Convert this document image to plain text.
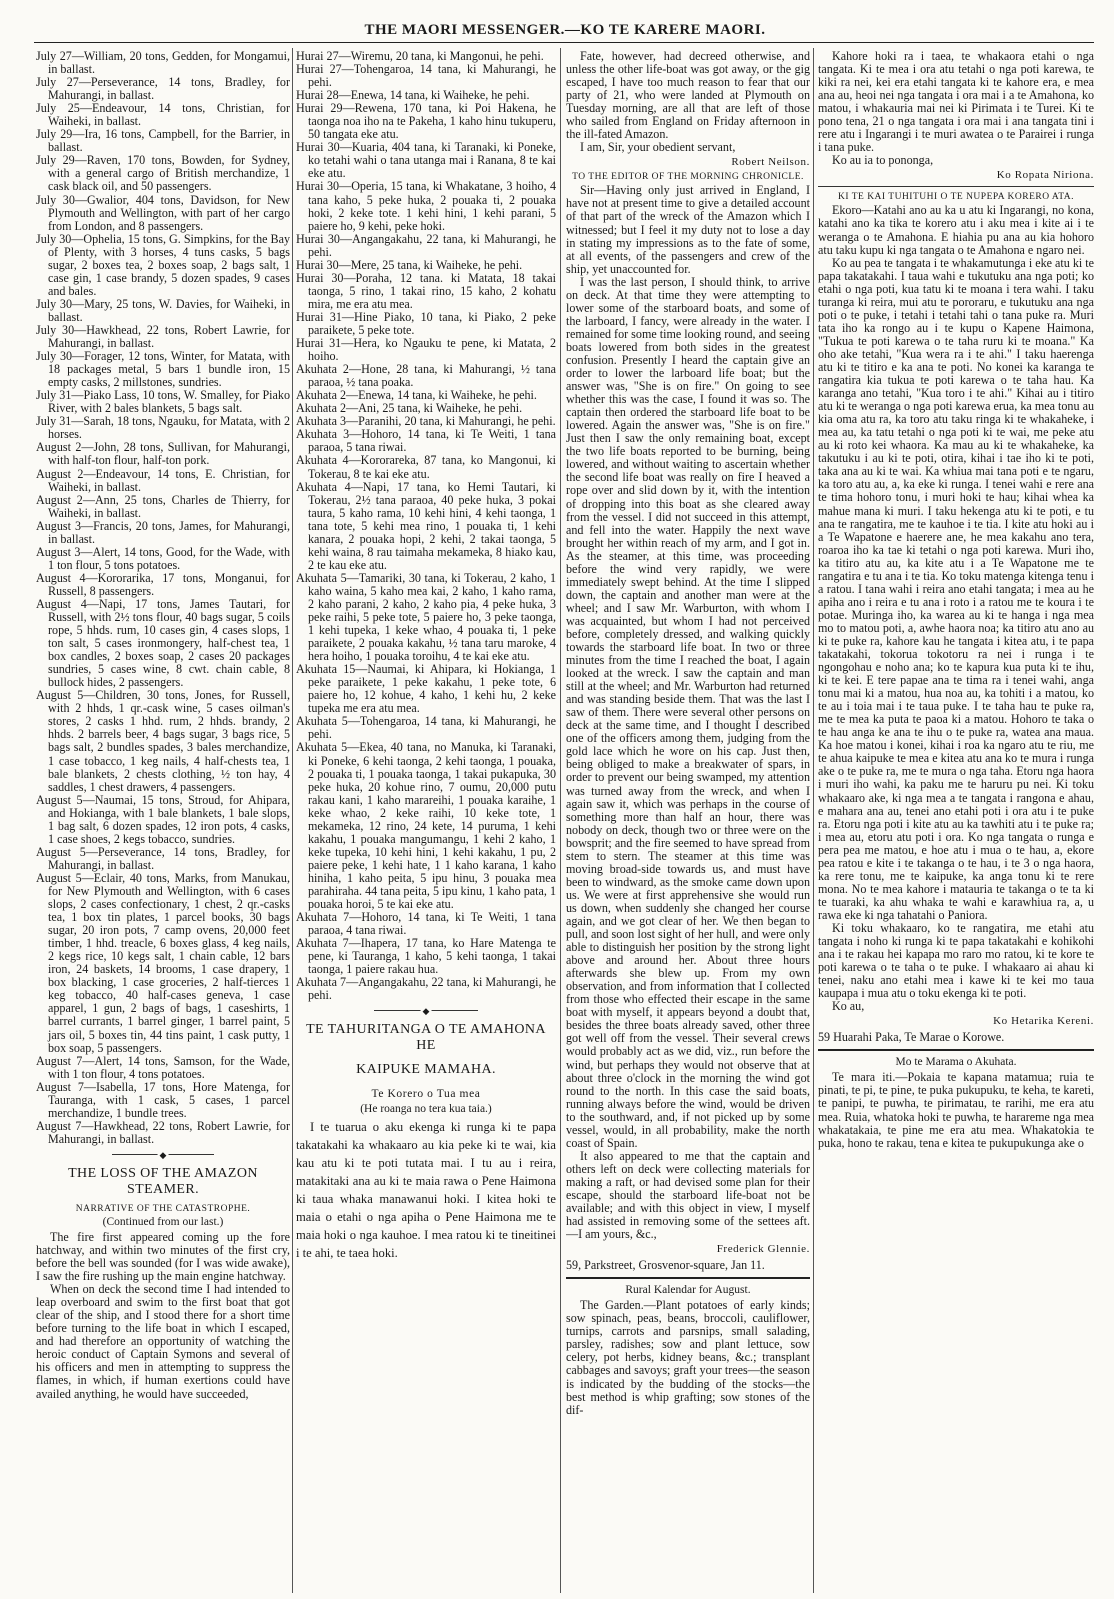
THE MAORI MESSENGER.—KO TE KARERE MAORI.

July 27—William, 20 tons, Gedden, for Mongamui, in ballast.

July 27—Perseverance, 14 tons, Bradley, for Mahurangi, in ballast.

July 25—Endeavour, 14 tons, Christian, for Waiheki, in ballast.

July 29—Ira, 16 tons, Campbell, for the Barrier, in ballast.

July 29—Raven, 170 tons, Bowden, for Sydney, with a general cargo of British merchandize, 1 cask black oil, and 50 passengers.

July 30—Gwalior, 404 tons, Davidson, for New Plymouth and Wellington, with part of her cargo from London, and 8 passengers.

July 30—Ophelia, 15 tons, G. Simpkins, for the Bay of Plenty, with 3 horses, 4 tuns casks, 5 bags sugar, 2 boxes tea, 2 boxes soap, 2 bags salt, 1 case gin, 1 case brandy, 5 dozen spades, 9 cases and bales.

July 30—Mary, 25 tons, W. Davies, for Waiheki, in ballast.

July 30—Hawkhead, 22 tons, Robert Lawrie, for Mahurangi, in ballast.

July 30—Forager, 12 tons, Winter, for Matata, with 18 packages metal, 5 bars 1 bundle iron, 15 empty casks, 2 millstones, sundries.

July 31—Piako Lass, 10 tons, W. Smalley, for Piako River, with 2 bales blankets, 5 bags salt.

July 31—Sarah, 18 tons, Ngauku, for Matata, with 2 horses.

August 2—John, 28 tons, Sullivan, for Mahurangi, with half-ton flour, half-ton pork.

August 2—Endeavour, 14 tons, E. Christian, for Waiheki, in ballast.

August 2—Ann, 25 tons, Charles de Thierry, for Waiheki, in ballast.

August 3—Francis, 20 tons, James, for Mahurangi, in ballast.

August 3—Alert, 14 tons, Good, for the Wade, with 1 ton flour, 5 tons potatoes.

August 4—Kororarika, 17 tons, Monganui, for Russell, 8 passengers.

August 4—Napi, 17 tons, James Tautari, for Russell, with 2½ tons flour, 40 bags sugar, 5 coils rope, 5 hhds. rum, 10 cases gin, 4 cases slops, 1 ton salt, 5 cases ironmongery, half-chest tea, 1 box candles, 2 boxes soap, 2 cases 20 packages sundries, 5 cases wine, 8 cwt. chain cable, 8 bullock hides, 2 passengers.

August 5—Children, 30 tons, Jones, for Russell, with 2 hhds, 1 qr.-cask wine, 5 cases oilman's stores, 2 casks 1 hhd. rum, 2 hhds. brandy, 2 hhds. 2 barrels beer, 4 bags sugar, 3 bags rice, 5 bags salt, 2 bundles spades, 3 bales merchandize, 1 case tobacco, 1 keg nails, 4 half-chests tea, 1 bale blankets, 2 chests clothing, ½ ton hay, 4 saddles, 1 chest drawers, 4 passengers.

August 5—Naumai, 15 tons, Stroud, for Ahipara, and Hokianga, with 1 bale blankets, 1 bale slops, 1 bag salt, 6 dozen spades, 12 iron pots, 4 casks, 1 case shoes, 2 kegs tobacco, sundries.

August 5—Perseverance, 14 tons, Bradley, for Mahurangi, in ballast.

August 5—Eclair, 40 tons, Marks, from Manukau, for New Plymouth and Wellington, with 6 cases slops, 2 cases confectionary, 1 chest, 2 qr.-casks tea, 1 box tin plates, 1 parcel books, 30 bags sugar, 20 iron pots, 7 camp ovens, 20,000 feet timber, 1 hhd. treacle, 6 boxes glass, 4 keg nails, 2 kegs rice, 10 kegs salt, 1 chain cable, 12 bars iron, 24 baskets, 14 brooms, 1 case drapery, 1 box blacking, 1 case groceries, 2 half-tierces 1 keg tobacco, 40 half-cases geneva, 1 case apparel, 1 gun, 2 bags of bags, 1 caseshirts, 1 barrel currants, 1 barrel ginger, 1 barrel paint, 5 jars oil, 5 boxes tin, 44 tins paint, 1 cask putty, 1 box soap, 5 passengers.

August 7—Alert, 14 tons, Samson, for the Wade, with 1 ton flour, 4 tons potatoes.

August 7—Isabella, 17 tons, Hore Matenga, for Tauranga, with 1 cask, 5 cases, 1 parcel merchandize, 1 bundle trees.

August 7—Hawkhead, 22 tons, Robert Lawrie, for Mahurangi, in ballast.

◆
THE LOSS OF THE AMAZON STEAMER.
NARRATIVE OF THE CATASTROPHE.
(Continued from our last.)

The fire first appeared coming up the fore hatchway, and within two minutes of the first cry, before the bell was sounded (for I was wide awake), I saw the fire rushing up the main engine hatchway.

When on deck the second time I had intended to leap overboard and swim to the first boat that got clear of the ship, and I stood there for a short time before turning to the life boat in which I escaped, and had therefore an opportunity of watching the heroic conduct of Captain Symons and several of his officers and men in attempting to suppress the flames, in which, if human exertions could have availed anything, he would have succeeded,

Hurai 27—Wiremu, 20 tana, ki Mangonui, he pehi.

Hurai 27—Tohengaroa, 14 tana, ki Mahurangi, he pehi.

Hurai 28—Enewa, 14 tana, ki Waiheke, he pehi.

Hurai 29—Rewena, 170 tana, ki Poi Hakena, he taonga noa iho na te Pakeha, 1 kaho hinu tukuperu, 50 tangata eke atu.

Hurai 30—Kuaria, 404 tana, ki Taranaki, ki Poneke, ko tetahi wahi o tana utanga mai i Ranana, 8 te kai eke atu.

Hurai 30—Operia, 15 tana, ki Whakatane, 3 hoiho, 4 tana kaho, 5 peke huka, 2 pouaka ti, 2 pouaka hoki, 2 keke tote. 1 kehi hini, 1 kehi parani, 5 paiere ho, 9 kehi, peke hoki.

Hurai 30—Angangakahu, 22 tana, ki Mahurangi, he pehi.

Hurai 30—Mere, 25 tana, ki Waiheke, he pehi.

Hurai 30—Poraha, 12 tana. ki Matata, 18 takai taonga, 5 rino, 1 takai rino, 15 kaho, 2 kohatu mira, me era atu mea.

Hurai 31—Hine Piako, 10 tana, ki Piako, 2 peke paraikete, 5 peke tote.

Hurai 31—Hera, ko Ngauku te pene, ki Matata, 2 hoiho.

Akuhata 2—Hone, 28 tana, ki Mahurangi, ½ tana paraoa, ½ tana poaka.

Akuhata 2—Enewa, 14 tana, ki Waiheke, he pehi.

Akuhata 2—Ani, 25 tana, ki Waiheke, he pehi.

Akuhata 3—Paranihi, 20 tana, ki Mahurangi, he pehi.

Akuhata 3—Hohoro, 14 tana, ki Te Weiti, 1 tana paraoa, 5 tana riwai.

Akuhata 4—Kororareka, 87 tana, ko Mangonui, ki Tokerau, 8 te kai eke atu.

Akuhata 4—Napi, 17 tana, ko Hemi Tautari, ki Tokerau, 2½ tana paraoa, 40 peke huka, 3 pokai taura, 5 kaho rama, 10 kehi hini, 4 kehi taonga, 1 tana tote, 5 kehi mea rino, 1 pouaka ti, 1 kehi kanara, 2 pouaka hopi, 2 kehi, 2 takai taonga, 5 kehi waina, 8 rau taimaha mekameka, 8 hiako kau, 2 te kau eke atu.

Akuhata 5—Tamariki, 30 tana, ki Tokerau, 2 kaho, 1 kaho waina, 5 kaho mea kai, 2 kaho, 1 kaho rama, 2 kaho parani, 2 kaho, 2 kaho pia, 4 peke huka, 3 peke raihi, 5 peke tote, 5 paiere ho, 3 peke taonga, 1 kehi tupeka, 1 keke whao, 4 pouaka ti, 1 peke paraikete, 2 pouaka kakahu, ½ tana taru maroke, 4 hera hoiho, 1 pouaka toroihu, 4 te kai eke atu.

Akuhata 15—Naumai, ki Ahipara, ki Hokianga, 1 peke paraikete, 1 peke kakahu, 1 peke tote, 6 paiere ho, 12 kohue, 4 kaho, 1 kehi hu, 2 keke tupeka me era atu mea.

Akuhata 5—Tohengaroa, 14 tana, ki Mahurangi, he pehi.

Akuhata 5—Ekea, 40 tana, no Manuka, ki Taranaki, ki Poneke, 6 kehi taonga, 2 kehi taonga, 1 pouaka, 2 pouaka ti, 1 pouaka taonga, 1 takai pukapuka, 30 peke huka, 20 kohue rino, 7 oumu, 20,000 putu rakau kani, 1 kaho marareihi, 1 pouaka karaihe, 1 keke whao, 2 keke raihi, 10 keke tote, 1 mekameka, 12 rino, 24 kete, 14 puruma, 1 kehi kakahu, 1 pouaka mangumangu, 1 kehi 2 kaho, 1 keke tupeka, 10 kehi hini, 1 kehi kakahu, 1 pu, 2 paiere peke, 1 kehi hate, 1 1 kaho karana, 1 kaho hiniha, 1 kaho peita, 5 ipu hinu, 3 pouaka mea parahiraha. 44 tana peita, 5 ipu kinu, 1 kaho pata, 1 pouaka horoi, 5 te kai eke atu.

Akuhata 7—Hohoro, 14 tana, ki Te Weiti, 1 tana paraoa, 4 tana riwai.

Akuhata 7—Ihapera, 17 tana, ko Hare Matenga te pene, ki Tauranga, 1 kaho, 5 kehi taonga, 1 takai taonga, 1 paiere rakau hua.

Akuhata 7—Angangakahu, 22 tana, ki Mahurangi, he pehi.

◆
TE TAHURITANGA O TE AMAHONA HE
KAIPUKE MAMAHA.
Te Korero o Tua mea
(He roanga no tera kua taia.)

I te tuarua o aku ekenga ki runga ki te papa takatakahi ka whakaaro au kia peke ki te wai, kia kau atu ki te poti tutata mai. I tu au i reira, matakitaki ana au ki te maia rawa o Pene Haimona ki taua whaka manawanui hoki. I kitea hoki te maia o etahi o nga apiha o Pene Haimona me te maia hoki o nga kauhoe. I mea ratou ki te tineitinei i te ahi, te taea hoki.

Fate, however, had decreed otherwise, and unless the other life-boat was got away, or the gig escaped, I have too much reason to fear that our party of 21, who were landed at Plymouth on Tuesday morning, are all that are left of those who sailed from England on Friday afternoon in the ill-fated Amazon.

I am, Sir, your obedient servant,

Robert Neilson.
TO THE EDITOR OF THE MORNING CHRONICLE.

Sir—Having only just arrived in England, I have not at present time to give a detailed account of that part of the wreck of the Amazon which I witnessed; but I feel it my duty not to lose a day in stating my impressions as to the fate of some, at all events, of the passengers and crew of the ship, yet unaccounted for.

I was the last person, I should think, to arrive on deck. At that time they were attempting to lower some of the starboard boats, and some of the larboard, I fancy, were already in the water. I remained for some time looking round, and seeing boats lowered from both sides in the greatest confusion. Presently I heard the captain give an order to lower the larboard life boat; but the answer was, "She is on fire." On going to see whether this was the case, I found it was so. The captain then ordered the starboard life boat to be lowered. Again the answer was, "She is on fire." Just then I saw the only remaining boat, except the two life boats reported to be burning, being lowered, and without waiting to ascertain whether the second life boat was really on fire I heaved a rope over and slid down by it, with the intention of dropping into this boat as she cleared away from the vessel. I did not succeed in this attempt, and fell into the water. Happily the next wave brought her within reach of my arm, and I got in. As the steamer, at this time, was proceeding before the wind very rapidly, we were immediately swept behind. At the time I slipped down, the captain and another man were at the wheel; and I saw Mr. Warburton, with whom I was acquainted, but whom I had not perceived before, completely dressed, and walking quickly towards the starboard life boat. In two or three minutes from the time I reached the boat, I again looked at the wreck. I saw the captain and man still at the wheel; and Mr. Warburton had returned and was standing beside them. That was the last I saw of them. There were several other persons on deck at the same time, and I thought I described one of the officers among them, judging from the gold lace which he wore on his cap. Just then, being obliged to make a breakwater of spars, in order to prevent our being swamped, my attention was turned away from the wreck, and when I again saw it, which was perhaps in the course of something more than half an hour, there was nobody on deck, though two or three were on the bowsprit; and the fire seemed to have spread from stem to stern. The steamer at this time was moving broad-side towards us, and must have been to windward, as the smoke came down upon us. We were at first apprehensive she would run us down, when suddenly she changed her course again, and we got clear of her. We then began to pull, and soon lost sight of her hull, and were only able to distinguish her position by the strong light above and around her. About three hours afterwards she blew up. From my own observation, and from information that I collected from those who effected their escape in the same boat with myself, it appears beyond a doubt that, besides the three boats already saved, other three got well off from the vessel. Their several crews would probably act as we did, viz., run before the wind, but perhaps they would not observe that at about three o'clock in the morning the wind got round to the north. In this case the said boats, running always before the wind, would be driven to the southward, and, if not picked up by some vessel, would, in all probability, make the north coast of Spain.

It also appeared to me that the captain and others left on deck were collecting materials for making a raft, or had devised some plan for their escape, should the starboard life-boat not be available; and with this object in view, I myself had assisted in removing some of the settees aft.—I am yours, &c.,

Frederick Glennie.

59, Parkstreet, Grosvenor-square, Jan 11.

Rural Kalendar for August.

The Garden.—Plant potatoes of early kinds; sow spinach, peas, beans, broccoli, cauliflower, turnips, carrots and parsnips, small salading, parsley, radishes; sow and plant lettuce, sow celery, pot herbs, kidney beans, &c.; transplant cabbages and savoys; graft your trees—the season is indicated by the budding of the stocks—the best method is whip grafting; sow stones of the dif-

Kahore hoki ra i taea, te whakaora etahi o nga tangata. Ki te mea i ora atu tetahi o nga poti karewa, te kiki ra nei, kei era etahi tangata ki te kahore era, e mea ana au, heoi nei nga tangata i ora mai i a te Amahona, ko matou, i whakauria mai nei ki Pirimata i te Turei. Ki te pono tena, 21 o nga tangata i ora mai i ana tangata tini i rere atu i Ingarangi i te muri awatea o te Parairei i runga i tana puke.

Ko au ia to pononga,

Ko Ropata Niriona.
KI TE KAI TUHITUHI O TE NUPEPA KORERO ATA.

Ekoro—Katahi ano au ka u atu ki Ingarangi, no kona, katahi ano ka tika te korero atu i aku mea i kite ai i te weranga o te Amahona. E hiahia pu ana au kia hohoro atu taku kupu ki nga tangata o te Amahona e ngaro nei.

Ko au pea te tangata i te whakamutunga i eke atu ki te papa takatakahi. I taua wahi e tukutuku ana nga poti; ko etahi o nga poti, kua tatu ki te moana i tera wahi. I taku turanga ki reira, mui atu te pororaru, e tukutuku ana nga poti o te puke, i tetahi i tetahi tahi o tana puke ra. Muri tata iho ka rongo au i te kupu o Kapene Haimona, "Tukua te poti karewa o te taha ruru ki te moana." Ka oho ake tetahi, "Kua wera ra i te ahi." I taku haerenga atu ki te titiro e ka ana te poti. No konei ka karanga te rangatira kia tukua te poti karewa o te taha hau. Ka karanga ano tetahi, "Kua toro i te ahi." Kihai au i titiro atu ki te weranga o nga poti karewa erua, ka mea tonu au kia oma atu ra, ka toro atu taku ringa ki te whakaheke, i mea au, ka tatu tetahi o nga poti ki te wai, me peke atu au ki roto kei whaora. Ka mau au ki te whakaheke, ka takutuku i au ki te poti, otira, kihai i tae iho ki te poti, taka ana au ki te wai. Ka whiua mai tana poti e te ngaru, ka toro atu au, a, ka eke ki runga. I tenei wahi e rere ana te tima hohoro tonu, i muri hoki te hau; kihai whea ka mahue mana ki muri. I taku hekenga atu ki te poti, e tu ana te rangatira, me te kauhoe i te tia. I kite atu hoki au i a Te Wapatone e haerere ane, he mea kakahu ano tera, roaroa iho ka tae ki tetahi o nga poti karewa. Muri iho, ka titiro atu au, ka kite atu i a Te Wapatone me te rangatira e tu ana i te tia. Ko toku matenga kitenga tenu i a ratou. I tana wahi i reira ano etahi tangata; i mea au he apiha ano i reira e tu ana i roto i a ratou me te koura i te potae. Muringa iho, ka warea au ki te hanga i nga mea mo to matou poti, a, awhe haora noa; ka titiro atu ano au ki te puke ra, kahore kau he tangata i kitea atu, i te papa takatakahi, tokorua tokotoru ra nei i runga i te ngongohau e noho ana; ko te kapura kua puta ki te ihu, ki te kei. E tere papae ana te tima ra i tenei wahi, anga tonu mai ki a matou, hua noa au, ka tohiti i a matou, ko te au i toia mai i te taua puke. I te taha hau te puke ra, me te mea ka puta te paoa ki a matou. Hohoro te taka o te hau anga ke ana te ihu o te puke ra, watea ana maua. Ka hoe matou i konei, kihai i roa ka ngaro atu te riu, me te ahua kaipuke te mea e kitea atu ana ko te mura i runga ake o te puke ra, me te mura o nga taha. Etoru nga haora i muri iho wahi, ka paku me te haruru pu nei. Ki toku whakaaro ake, ki nga mea a te tangata i rangona e ahau, e mahara ana au, tenei ano etahi poti i ora atu i te puke ra. Etoru nga poti i kite atu au ka tawhiti atu i te puke ra; i mea au, etoru atu poti i ora. Ko nga tangata o runga e pera pea me matou, e hoe atu i mua o te hau, a, ekore pea ratou e kite i te takanga o te hau, i te 3 o nga haora, ka rere tonu, me te kaipuke, ka anga tonu ki te rere mona. No te mea kahore i matauria te takanga o te ta ki te tuaraki, ka ahu whaka te wahi e karawhiua ra, a, u rawa eke ki nga tahatahi o Paniora.

Ki toku whakaaro, ko te rangatira, me etahi atu tangata i noho ki runga ki te papa takatakahi e kohikohi ana i te rakau hei kapapa mo raro mo ratou, ki te kore te poti karewa o te taha o te puke. I whakaaro ai ahau ki tenei, naku ano etahi mea i kawe ki te kei mo taua kaupapa i mua atu o toku ekenga ki te poti.

Ko au,

Ko Hetarika Kereni.

59 Huarahi Paka, Te Marae o Korowe.

Mo te Marama o Akuhata.

Te mara iti.—Pokaia te kapana matamua; ruia te pinati, te pi, te pine, te puka pukupuku, te keha, te kareti, te panipi, te puwha, te pirimatau, te rarihi, me era atu mea. Ruia, whatoka hoki te puwha, te harareme nga mea whakatakaia, te pine me era atu mea. Whakatokia te puka, hono te rakau, tena e kitea te pukupukunga ake o
